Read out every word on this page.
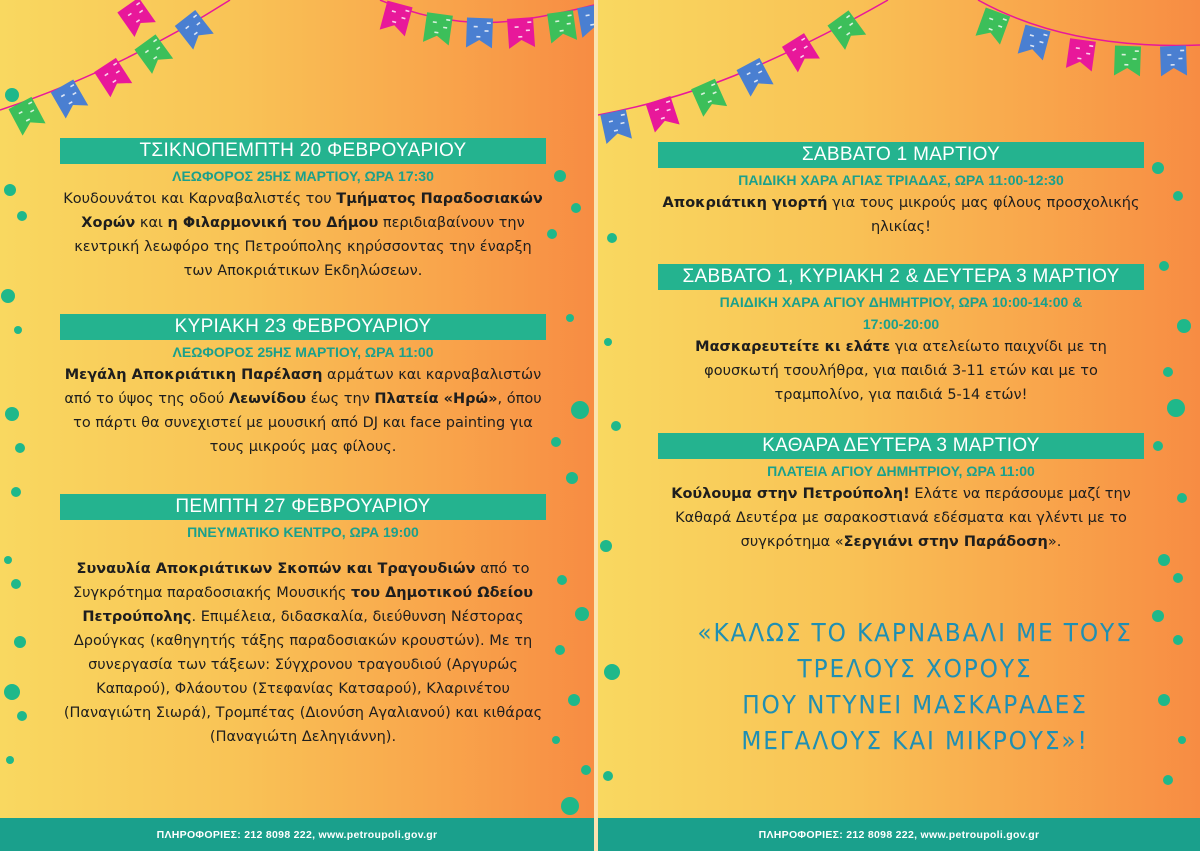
ΤΣΙΚΝΟΠΕΜΠΤΗ 20 ΦΕΒΡΟΥΑΡΙΟΥ
ΛΕΩΦΟΡΟΣ 25ΗΣ ΜΑΡΤΙΟΥ, ΩΡΑ 17:30
Κουδουνάτοι και Καρναβαλιστές του Τμήματος Παραδοσιακών Χορών και η Φιλαρμονική του Δήμου περιδιαβαίνουν την κεντρική λεωφόρο της Πετρούπολης κηρύσσοντας την έναρξη των Αποκριάτικων Εκδηλώσεων.
ΚΥΡΙΑΚΗ 23 ΦΕΒΡΟΥΑΡΙΟΥ
ΛΕΩΦΟΡΟΣ 25ΗΣ ΜΑΡΤΙΟΥ, ΩΡΑ 11:00
Μεγάλη Αποκριάτικη Παρέλαση αρμάτων και καρναβαλιστών από το ύψος της οδού Λεωνίδου έως την Πλατεία «Ηρώ», όπου το πάρτι θα συνεχιστεί με μουσική από DJ και face painting για τους μικρούς μας φίλους.
ΠΕΜΠΤΗ 27 ΦΕΒΡΟΥΑΡΙΟΥ
ΠΝΕΥΜΑΤΙΚΟ ΚΕΝΤΡΟ, ΩΡΑ 19:00
Συναυλία Αποκριάτικων Σκοπών και Τραγουδιών από το Συγκρότημα παραδοσιακής Μουσικής του Δημοτικού Ωδείου Πετρούπολης. Επιμέλεια, διδασκαλία, διεύθυνση Νέστορας Δρούγκας (καθηγητής τάξης παραδοσιακών κρουστών). Με τη συνεργασία των τάξεων: Σύγχρονου τραγουδιού (Αργυρώς Καπαρού), Φλάουτου (Στεφανίας Κατσαρού), Κλαρινέτου (Παναγιώτη Σιωρά), Τρομπέτας (Διονύση Αγαλιανού) και κιθάρας (Παναγιώτη Δεληγιάννη).
ΣΑΒΒΑΤΟ 1 ΜΑΡΤΙΟΥ
ΠΑΙΔΙΚΗ ΧΑΡΑ ΑΓΙΑΣ ΤΡΙΑΔΑΣ, ΩΡΑ 11:00-12:30
Αποκριάτικη γιορτή για τους μικρούς μας φίλους προσχολικής ηλικίας!
ΣΑΒΒΑΤΟ 1, ΚΥΡΙΑΚΗ 2 & ΔΕΥΤΕΡΑ 3 ΜΑΡΤΙΟΥ
ΠΑΙΔΙΚΗ ΧΑΡΑ ΑΓΙΟΥ ΔΗΜΗΤΡΙΟΥ, ΩΡΑ 10:00-14:00 & 17:00-20:00
Μασκαρευτείτε κι ελάτε για ατελείωτο παιχνίδι με τη φουσκωτή τσουλήθρα, για παιδιά 3-11 ετών και με το τραμπολίνο, για παιδιά 5-14 ετών!
ΚΑΘΑΡΑ ΔΕΥΤΕΡΑ 3 ΜΑΡΤΙΟΥ
ΠΛΑΤΕΙΑ ΑΓΙΟΥ ΔΗΜΗΤΡΙΟΥ, ΩΡΑ 11:00
Κούλουμα στην Πετρούπολη! Ελάτε να περάσουμε μαζί την Καθαρά Δευτέρα με σαρακοστιανά εδέσματα και γλέντι με το συγκρότημα «Σεργιάνι στην Παράδοση».
«ΚΑΛΩΣ ΤΟ ΚΑΡΝΑΒΑΛΙ ΜΕ ΤΟΥΣ
ΤΡΕΛΟΥΣ ΧΟΡΟΥΣ
ΠΟΥ ΝΤΥΝΕΙ ΜΑΣΚΑΡΑΔΕΣ
ΜΕΓΑΛΟΥΣ ΚΑΙ ΜΙΚΡΟΥΣ»!
ΠΛΗΡΟΦΟΡΙΕΣ: 212 8098 222, www.petroupoli.gov.gr	ΠΛΗΡΟΦΟΡΙΕΣ: 212 8098 222, www.petroupoli.gov.gr
